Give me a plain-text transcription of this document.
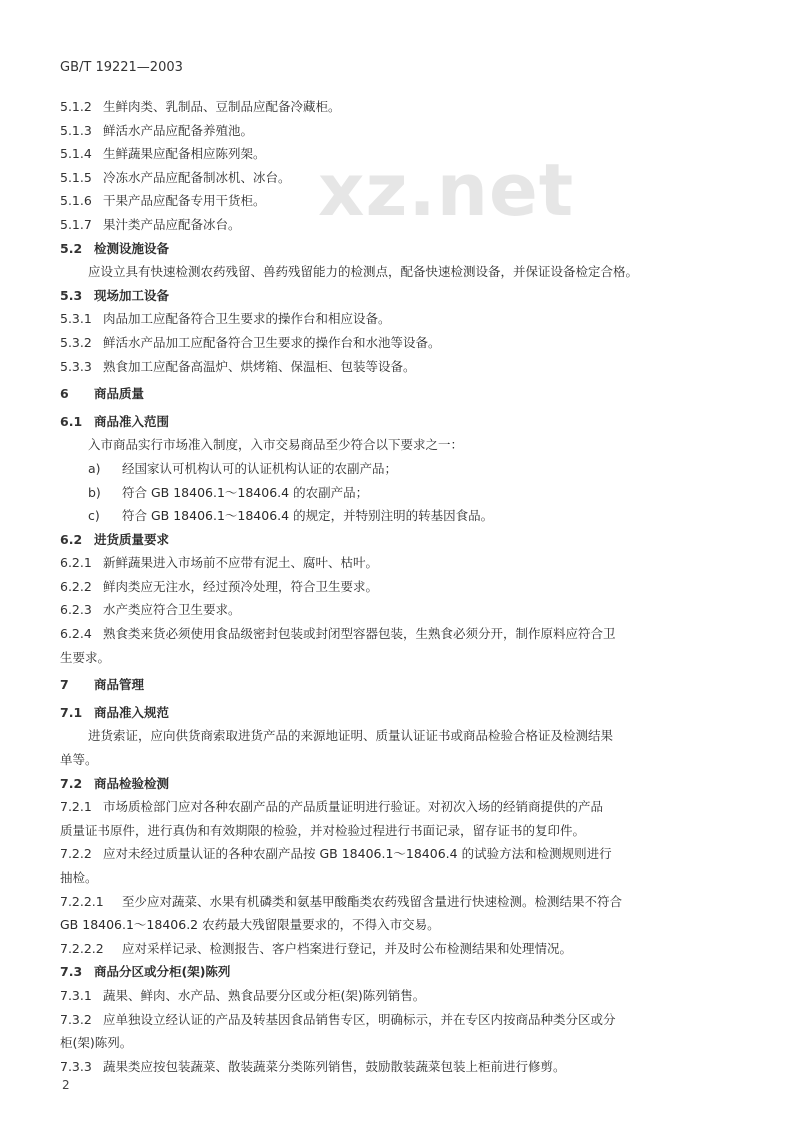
GB/T 19221—2003
xz.net
5.1.2 生鲜肉类、乳制品、豆制品应配备冷藏柜。
5.1.3 鲜活水产品应配备养殖池。
5.1.4 生鲜蔬果应配备相应陈列架。
5.1.5 冷冻水产品应配备制冰机、冰台。
5.1.6 干果产品应配备专用干货柜。
5.1.7 果汁类产品应配备冰台。
5.2 检测设施设备
应设立具有快速检测农药残留、兽药残留能力的检测点，配备快速检测设备，并保证设备检定合格。
5.3 现场加工设备
5.3.1 肉品加工应配备符合卫生要求的操作台和相应设备。
5.3.2 鲜活水产品加工应配备符合卫生要求的操作台和水池等设备。
5.3.3 熟食加工应配备高温炉、烘烤箱、保温柜、包装等设备。
6 商品质量
6.1 商品准入范围
入市商品实行市场准入制度，入市交易商品至少符合以下要求之一：
a) 经国家认可机构认可的认证机构认证的农副产品；
b) 符合 GB 18406.1～18406.4 的农副产品；
c) 符合 GB 18406.1～18406.4 的规定，并特别注明的转基因食品。
6.2 进货质量要求
6.2.1 新鲜蔬果进入市场前不应带有泥土、腐叶、枯叶。
6.2.2 鲜肉类应无注水，经过预冷处理，符合卫生要求。
6.2.3 水产类应符合卫生要求。
6.2.4 熟食类来货必须使用食品级密封包装或封闭型容器包装，生熟食必须分开，制作原料应符合卫
生要求。
7 商品管理
7.1 商品准入规范
进货索证，应向供货商索取进货产品的来源地证明、质量认证证书或商品检验合格证及检测结果
单等。
7.2 商品检验检测
7.2.1 市场质检部门应对各种农副产品的产品质量证明进行验证。对初次入场的经销商提供的产品
质量证书原件，进行真伪和有效期限的检验，并对检验过程进行书面记录，留存证书的复印件。
7.2.2 应对未经过质量认证的各种农副产品按 GB 18406.1～18406.4 的试验方法和检测规则进行
抽检。
7.2.2.1 至少应对蔬菜、水果有机磷类和氨基甲酸酯类农药残留含量进行快速检测。检测结果不符合
GB 18406.1～18406.2 农药最大残留限量要求的，不得入市交易。
7.2.2.2 应对采样记录、检测报告、客户档案进行登记，并及时公布检测结果和处理情况。
7.3 商品分区或分柜(架)陈列
7.3.1 蔬果、鲜肉、水产品、熟食品要分区或分柜(架)陈列销售。
7.3.2 应单独设立经认证的产品及转基因食品销售专区，明确标示，并在专区内按商品种类分区或分
柜(架)陈列。
7.3.3 蔬果类应按包装蔬菜、散装蔬菜分类陈列销售，鼓励散装蔬菜包装上柜前进行修剪。
2
